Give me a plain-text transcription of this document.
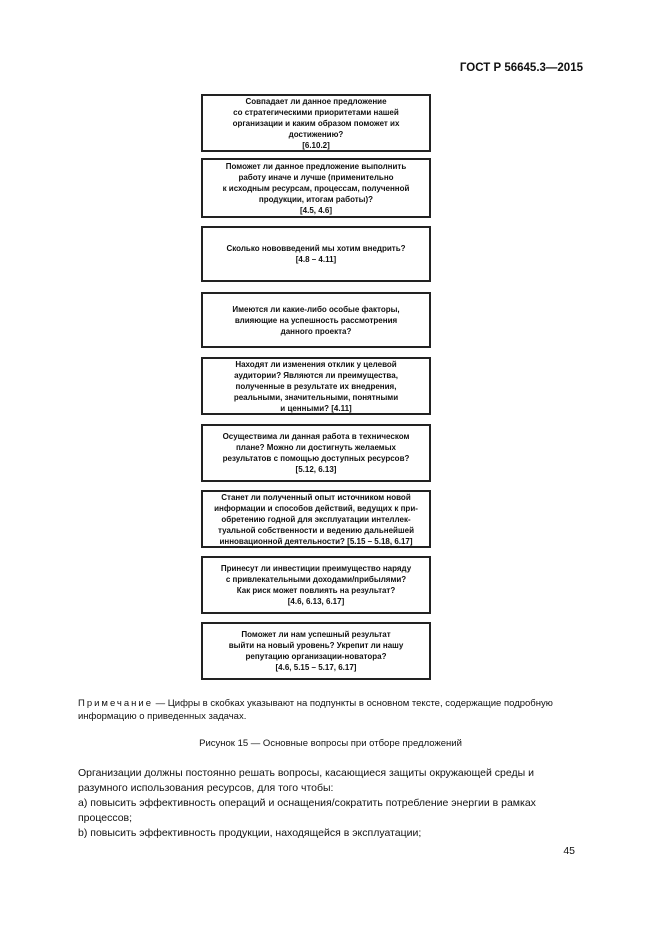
ГОСТ Р 56645.3—2015
Совпадает ли данное предложение
со стратегическими приоритетами нашей
организации и каким образом поможет их
достижению?
[6.10.2]
Поможет ли данное предложение выполнить
работу иначе и лучше (применительно
к исходным ресурсам, процессам, полученной
продукции, итогам работы)?
[4.5, 4.6]
Сколько нововведений мы хотим внедрить?
[4.8 – 4.11]
Имеются ли какие-либо особые факторы,
влияющие на успешность рассмотрения
данного проекта?
Находят ли изменения отклик у целевой
аудитории? Являются ли преимущества,
полученные в результате их внедрения,
реальными, значительными, понятными
и ценными? [4.11]
Осуществима ли данная работа в техническом
плане? Можно ли достигнуть желаемых
результатов с помощью доступных ресурсов?
[5.12, 6.13]
Станет ли полученный опыт источником новой
информации и способов действий, ведущих к при-
обретению годной для эксплуатации интеллек-
туальной собственности и ведению дальнейшей
инновационной деятельности? [5.15 – 5.18, 6.17]
Принесут ли инвестиции преимущество наряду
с привлекательными доходами/прибылями?
Как риск может повлиять на результат?
[4.6, 6.13, 6.17]
Поможет ли нам успешный результат
выйти на новый уровень? Укрепит ли нашу
репутацию организации-новатора?
[4.6, 5.15 – 5.17, 6.17]
Примечание — Цифры в скобках указывают на подпункты в основном тексте, содержащие подробную информацию о приведенных задачах.
Рисунок 15 — Основные вопросы при отборе предложений

Организации должны постоянно решать вопросы, касающиеся защиты окружающей среды и разумного использования ресурсов, для того чтобы:

a) повысить эффективность операций и оснащения/сократить потребление энергии в рамках процессов;

b) повысить эффективность продукции, находящейся в эксплуатации;

45
